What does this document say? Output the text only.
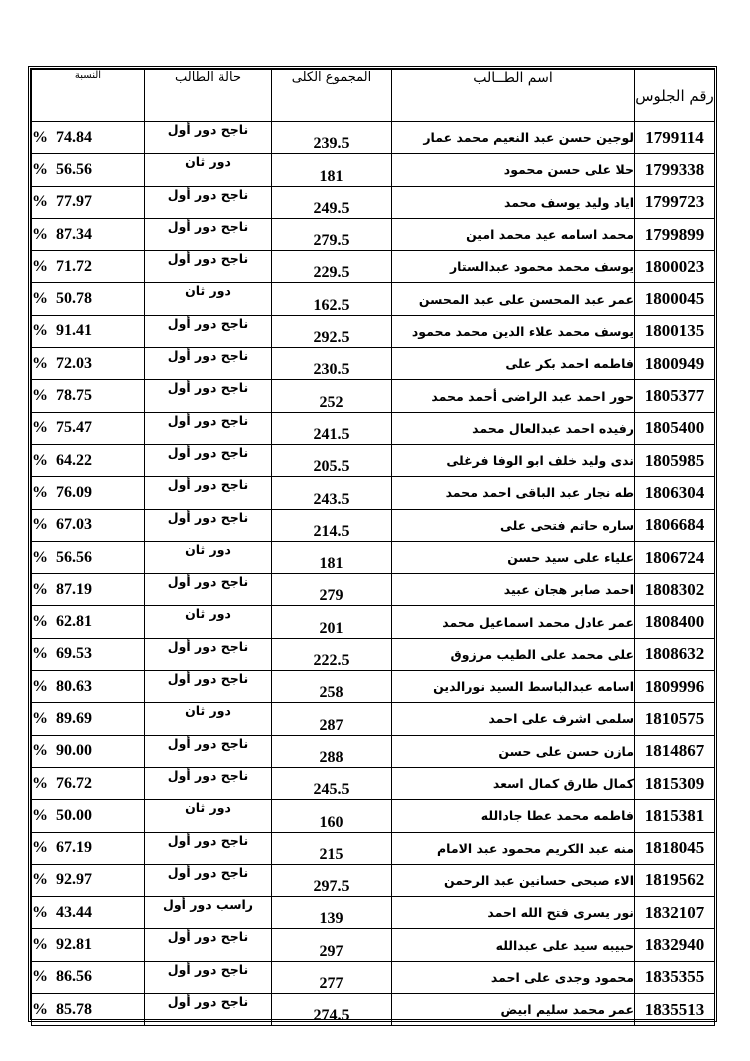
النسبة	حالة الطالب	المجموع الكلى	اسم الطــالب	رقم الجلوس
% 74.84	ناجح دور أول	239.5	لوجين حسن عبد النعيم محمد عمار	1799114
% 56.56	دور ثان	181	حلا على حسن محمود	1799338
% 77.97	ناجح دور أول	249.5	اياد وليد يوسف محمد	1799723
% 87.34	ناجح دور أول	279.5	محمد اسامه عيد محمد امين	1799899
% 71.72	ناجح دور أول	229.5	يوسف محمد محمود عبدالستار	1800023
% 50.78	دور ثان	162.5	عمر عبد المحسن على عبد المحسن	1800045
% 91.41	ناجح دور أول	292.5	يوسف محمد علاء الدين محمد محمود	1800135
% 72.03	ناجح دور أول	230.5	فاطمه احمد بكر على	1800949
% 78.75	ناجح دور أول	252	حور احمد عبد الراضى أحمد محمد	1805377
% 75.47	ناجح دور أول	241.5	رفيده احمد عبدالعال محمد	1805400
% 64.22	ناجح دور أول	205.5	ندى وليد خلف ابو الوفا فرغلى	1805985
% 76.09	ناجح دور أول	243.5	طه نجار عبد الباقى احمد محمد	1806304
% 67.03	ناجح دور أول	214.5	ساره حاتم فتحى على	1806684
% 56.56	دور ثان	181	علياء على سيد حسن	1806724
% 87.19	ناجح دور أول	279	احمد صابر هجان عبيد	1808302
% 62.81	دور ثان	201	عمر عادل محمد اسماعيل محمد	1808400
% 69.53	ناجح دور أول	222.5	على محمد على الطيب مرزوق	1808632
% 80.63	ناجح دور أول	258	اسامه عبدالباسط السيد نورالدين	1809996
% 89.69	دور ثان	287	سلمى اشرف على احمد	1810575
% 90.00	ناجح دور أول	288	مازن حسن على حسن	1814867
% 76.72	ناجح دور أول	245.5	كمال طارق كمال اسعد	1815309
% 50.00	دور ثان	160	فاطمه محمد عطا جادالله	1815381
% 67.19	ناجح دور أول	215	منه عبد الكريم محمود عبد الامام	1818045
% 92.97	ناجح دور أول	297.5	الاء صبحى حسانين عبد الرحمن	1819562
% 43.44	راسب دور أول	139	نور يسرى فتح الله احمد	1832107
% 92.81	ناجح دور أول	297	حبيبه سيد على عبدالله	1832940
% 86.56	ناجح دور أول	277	محمود وجدى على احمد	1835355
% 85.78	ناجح دور أول	274.5	عمر محمد سليم ابيض	1835513
